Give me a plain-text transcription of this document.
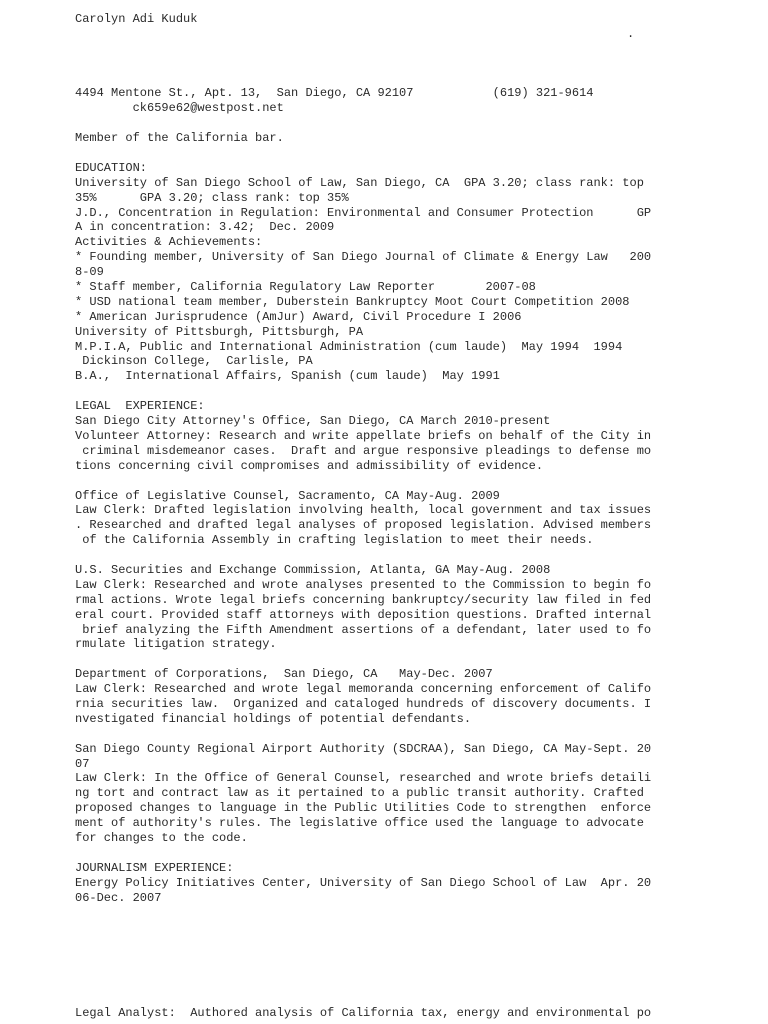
.
Carolyn Adi Kuduk
4494 Mentone St., Apt. 13,  San Diego, CA 92107           (619) 321-9614
ck659e62@westpost.net
Member of the California bar.
EDUCATION:
University of San Diego School of Law, San Diego, CA  GPA 3.20; class rank: top
35%      GPA 3.20; class rank: top 35%
J.D., Concentration in Regulation: Environmental and Consumer Protection      GP
A in concentration: 3.42;  Dec. 2009
Activities & Achievements:
* Founding member, University of San Diego Journal of Climate & Energy Law   200
8-09
* Staff member, California Regulatory Law Reporter       2007-08
* USD national team member, Duberstein Bankruptcy Moot Court Competition 2008
* American Jurisprudence (AmJur) Award, Civil Procedure I 2006
University of Pittsburgh, Pittsburgh, PA
M.P.I.A, Public and International Administration (cum laude)  May 1994  1994
Dickinson College,  Carlisle, PA
B.A.,  International Affairs, Spanish (cum laude)  May 1991
LEGAL  EXPERIENCE:
San Diego City Attorney's Office, San Diego, CA March 2010-present
Volunteer Attorney: Research and write appellate briefs on behalf of the City in
criminal misdemeanor cases.  Draft and argue responsive pleadings to defense mo
tions concerning civil compromises and admissibility of evidence.
Office of Legislative Counsel, Sacramento, CA May-Aug. 2009
Law Clerk: Drafted legislation involving health, local government and tax issues
. Researched and drafted legal analyses of proposed legislation. Advised members
of the California Assembly in crafting legislation to meet their needs.
U.S. Securities and Exchange Commission, Atlanta, GA May-Aug. 2008
Law Clerk: Researched and wrote analyses presented to the Commission to begin fo
rmal actions. Wrote legal briefs concerning bankruptcy/security law filed in fed
eral court. Provided staff attorneys with deposition questions. Drafted internal
brief analyzing the Fifth Amendment assertions of a defendant, later used to fo
rmulate litigation strategy.
Department of Corporations,  San Diego, CA   May-Dec. 2007
Law Clerk: Researched and wrote legal memoranda concerning enforcement of Califo
rnia securities law.  Organized and cataloged hundreds of discovery documents. I
nvestigated financial holdings of potential defendants.
San Diego County Regional Airport Authority (SDCRAA), San Diego, CA May-Sept. 20
07
Law Clerk: In the Office of General Counsel, researched and wrote briefs detaili
ng tort and contract law as it pertained to a public transit authority. Crafted
proposed changes to language in the Public Utilities Code to strengthen  enforce
ment of authority's rules. The legislative office used the language to advocate
for changes to the code.
JOURNALISM EXPERIENCE:
Energy Policy Initiatives Center, University of San Diego School of Law  Apr. 20
06-Dec. 2007
Legal Analyst:  Authored analysis of California tax, energy and environmental po
